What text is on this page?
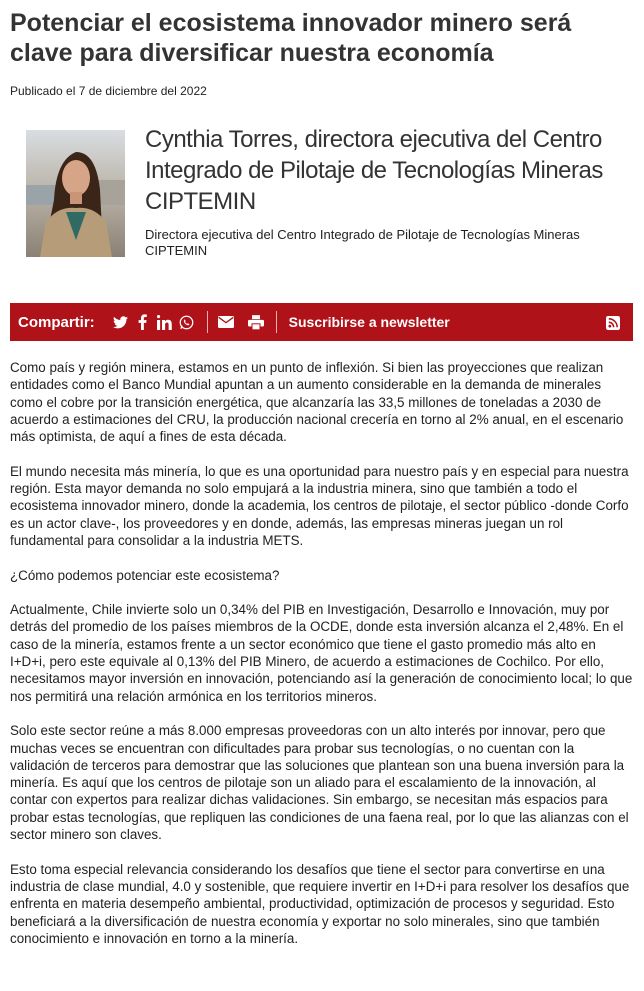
Potenciar el ecosistema innovador minero será clave para diversificar nuestra economía
Publicado el 7 de diciembre del 2022
Cynthia Torres, directora ejecutiva del Centro Integrado de Pilotaje de Tecnologías Mineras CIPTEMIN
Directora ejecutiva del Centro Integrado de Pilotaje de Tecnologías Mineras CIPTEMIN
Compartir:	Suscribirse a newsletter

Como país y región minera, estamos en un punto de inflexión. Si bien las proyecciones que realizan entidades como el Banco Mundial apuntan a un aumento considerable en la demanda de minerales como el cobre por la transición energética, que alcanzaría las 33,5 millones de toneladas a 2030 de acuerdo a estimaciones del CRU, la producción nacional crecería en torno al 2% anual, en el escenario más optimista, de aquí a fines de esta década.

El mundo necesita más minería, lo que es una oportunidad para nuestro país y en especial para nuestra región. Esta mayor demanda no solo empujará a la industria minera, sino que también a todo el ecosistema innovador minero, donde la academia, los centros de pilotaje, el sector público -donde Corfo es un actor clave-, los proveedores y en donde, además, las empresas mineras juegan un rol fundamental para consolidar a la industria METS.

¿Cómo podemos potenciar este ecosistema?

Actualmente, Chile invierte solo un 0,34% del PIB en Investigación, Desarrollo e Innovación, muy por detrás del promedio de los países miembros de la OCDE, donde esta inversión alcanza el 2,48%. En el caso de la minería, estamos frente a un sector económico que tiene el gasto promedio más alto en I+D+i, pero este equivale al 0,13% del PIB Minero, de acuerdo a estimaciones de Cochilco. Por ello, necesitamos mayor inversión en innovación, potenciando así la generación de conocimiento local; lo que nos permitirá una relación armónica en los territorios mineros.

Solo este sector reúne a más 8.000 empresas proveedoras con un alto interés por innovar, pero que muchas veces se encuentran con dificultades para probar sus tecnologías, o no cuentan con la validación de terceros para demostrar que las soluciones que plantean son una buena inversión para la minería. Es aquí que los centros de pilotaje son un aliado para el escalamiento de la innovación, al contar con expertos para realizar dichas validaciones. Sin embargo, se necesitan más espacios para probar estas tecnologías, que repliquen las condiciones de una faena real, por lo que las alianzas con el sector minero son claves.

Esto toma especial relevancia considerando los desafíos que tiene el sector para convertirse en una industria de clase mundial, 4.0 y sostenible, que requiere invertir en I+D+i para resolver los desafíos que enfrenta en materia desempeño ambiental, productividad, optimización de procesos y seguridad. Esto beneficiará a la diversificación de nuestra economía y exportar no solo minerales, sino que también conocimiento e innovación en torno a la minería.
